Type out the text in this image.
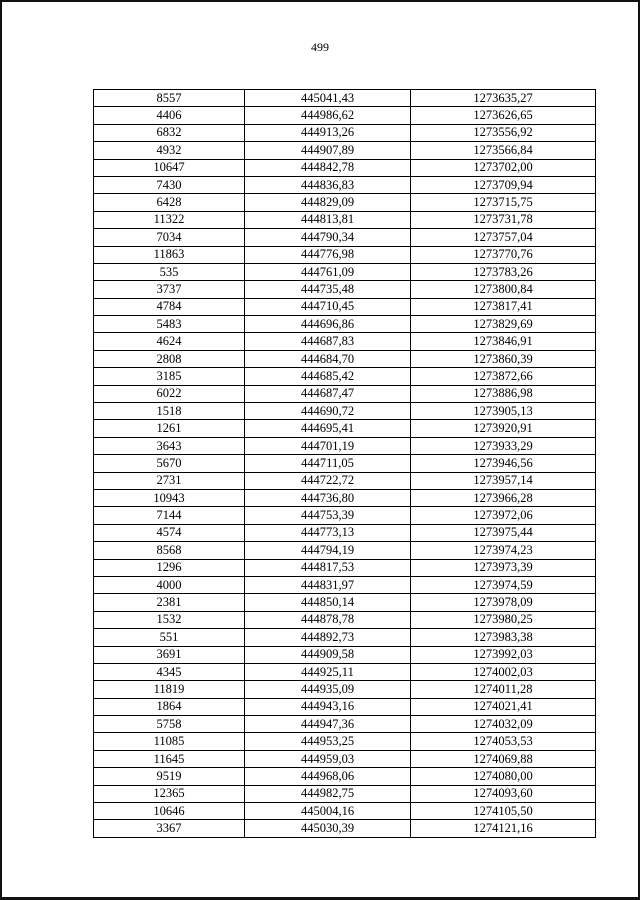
499
8557	445041,43	1273635,27
4406	444986,62	1273626,65
6832	444913,26	1273556,92
4932	444907,89	1273566,84
10647	444842,78	1273702,00
7430	444836,83	1273709,94
6428	444829,09	1273715,75
11322	444813,81	1273731,78
7034	444790,34	1273757,04
11863	444776,98	1273770,76
535	444761,09	1273783,26
3737	444735,48	1273800,84
4784	444710,45	1273817,41
5483	444696,86	1273829,69
4624	444687,83	1273846,91
2808	444684,70	1273860,39
3185	444685,42	1273872,66
6022	444687,47	1273886,98
1518	444690,72	1273905,13
1261	444695,41	1273920,91
3643	444701,19	1273933,29
5670	444711,05	1273946,56
2731	444722,72	1273957,14
10943	444736,80	1273966,28
7144	444753,39	1273972,06
4574	444773,13	1273975,44
8568	444794,19	1273974,23
1296	444817,53	1273973,39
4000	444831,97	1273974,59
2381	444850,14	1273978,09
1532	444878,78	1273980,25
551	444892,73	1273983,38
3691	444909,58	1273992,03
4345	444925,11	1274002,03
11819	444935,09	1274011,28
1864	444943,16	1274021,41
5758	444947,36	1274032,09
11085	444953,25	1274053,53
11645	444959,03	1274069,88
9519	444968,06	1274080,00
12365	444982,75	1274093,60
10646	445004,16	1274105,50
3367	445030,39	1274121,16
